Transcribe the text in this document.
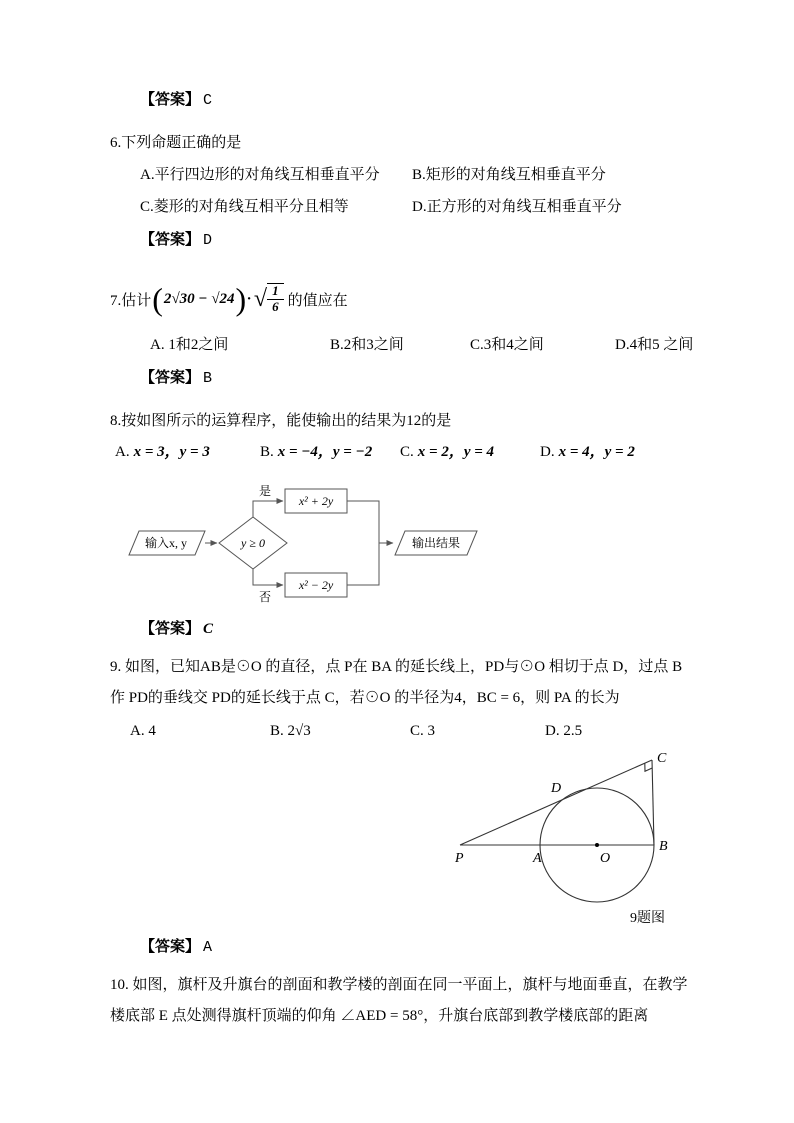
【答案】 C
6.下列命题正确的是
A.平行四边形的对角线互相垂直平分	B.矩形的对角线互相垂直平分
C.菱形的对角线互相平分且相等	D.正方形的对角线互相垂直平分
【答案】 D
7.估计 ( 2√30 − √24 ) · √ $\frac{1}{6}$ 的值应在
A. 1和2之间	B.2和3之间	C.3和4之间	D.4和5 之间
【答案】 B
8.按如图所示的运算程序，能使输出的结果为12的是
A. x = 3，y = 3	B. x = −4，y = −2	C. x = 2，y = 4	D. x = 4，y = 2
输入x, y	y ≥ 0
是
x² + 2y
否
x² − 2y
输出结果
【答案】 C
9. 如图，已知AB是⊙O 的直径，点 P在 BA 的延长线上，PD与⊙O 相切于点 D，过点 B
作 PD的垂线交 PD的延长线于点 C，若⊙O 的半径为4，BC = 6，则 PA 的长为
A. 4	B. 2√3	C. 3	D. 2.5
P	A	O
B
D
C
9题图
【答案】 A
10. 如图，旗杆及升旗台的剖面和教学楼的剖面在同一平面上，旗杆与地面垂直，在教学
楼底部 E 点处测得旗杆顶端的仰角 ∠AED = 58°，升旗台底部到教学楼底部的距离
